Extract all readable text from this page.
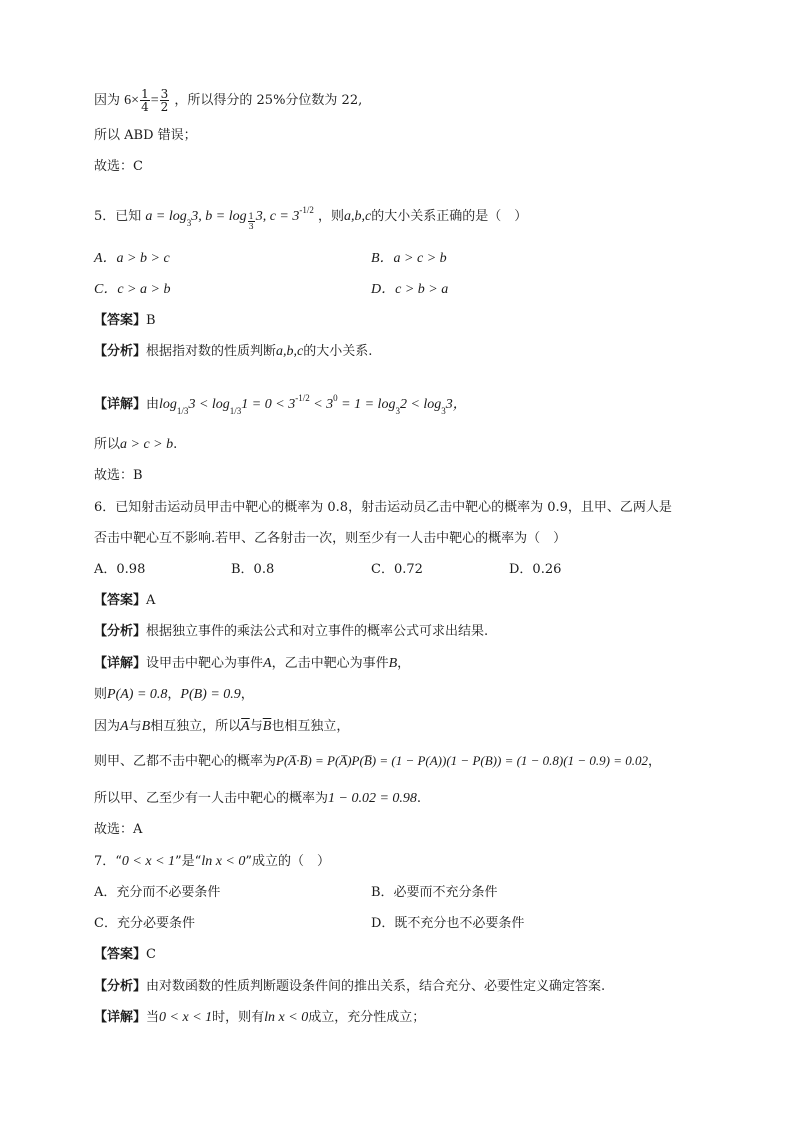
因为 $6\times \frac{1}{4} = \frac{3}{2}$ ，所以得分的 25%分位数为 22,
所以 ABD 错误；
故选：C
5．已知 $a = \log_33$, $b = \log \frac{1}{3} 3$, $c = 3^{-1/2}$ ，则a,b,c的大小关系正确的是（　）
A．a > b > c	B．a > c > b
C．c > a > b	D．c > b > a
【答案】B
【分析】根据指对数的性质判断a,b,c的大小关系.
【详解】由$\log_{1/3}3 < \log_{1/3}1 = 0 < 3^{-1/2} < 3^0 = 1 = \log_32 < \log_33$，
所以a > c > b.
故选：B
6．已知射击运动员甲击中靶心的概率为 0.8，射击运动员乙击中靶心的概率为 0.9，且甲、乙两人是
否击中靶心互不影响.若甲、乙各射击一次，则至少有一人击中靶心的概率为（　）
A．0.98	B．0.8	C．0.72	D．0.26
【答案】A
【分析】根据独立事件的乘法公式和对立事件的概率公式可求出结果.
【详解】设甲击中靶心为事件A，乙击中靶心为事件B，
则P(A) = 0.8，P(B) = 0.9，
因为A与B相互独立，所以$\overline{A}$与$\overline{B}$也相互独立，
则甲、乙都不击中靶心的概率为P(A̅·B̅) = P(A̅)P(B̅) = (1 − P(A))(1 − P(B)) = (1 − 0.8)(1 − 0.9) = 0.02，
所以甲、乙至少有一人击中靶心的概率为1 − 0.02 = 0.98.
故选：A
7．“0 < x < 1”是“ln x < 0”成立的（　）
A．充分而不必要条件	B．必要而不充分条件
C．充分必要条件	D．既不充分也不必要条件
【答案】C
【分析】由对数函数的性质判断题设条件间的推出关系，结合充分、必要性定义确定答案.
【详解】当0 < x < 1时，则有ln x < 0成立，充分性成立；
